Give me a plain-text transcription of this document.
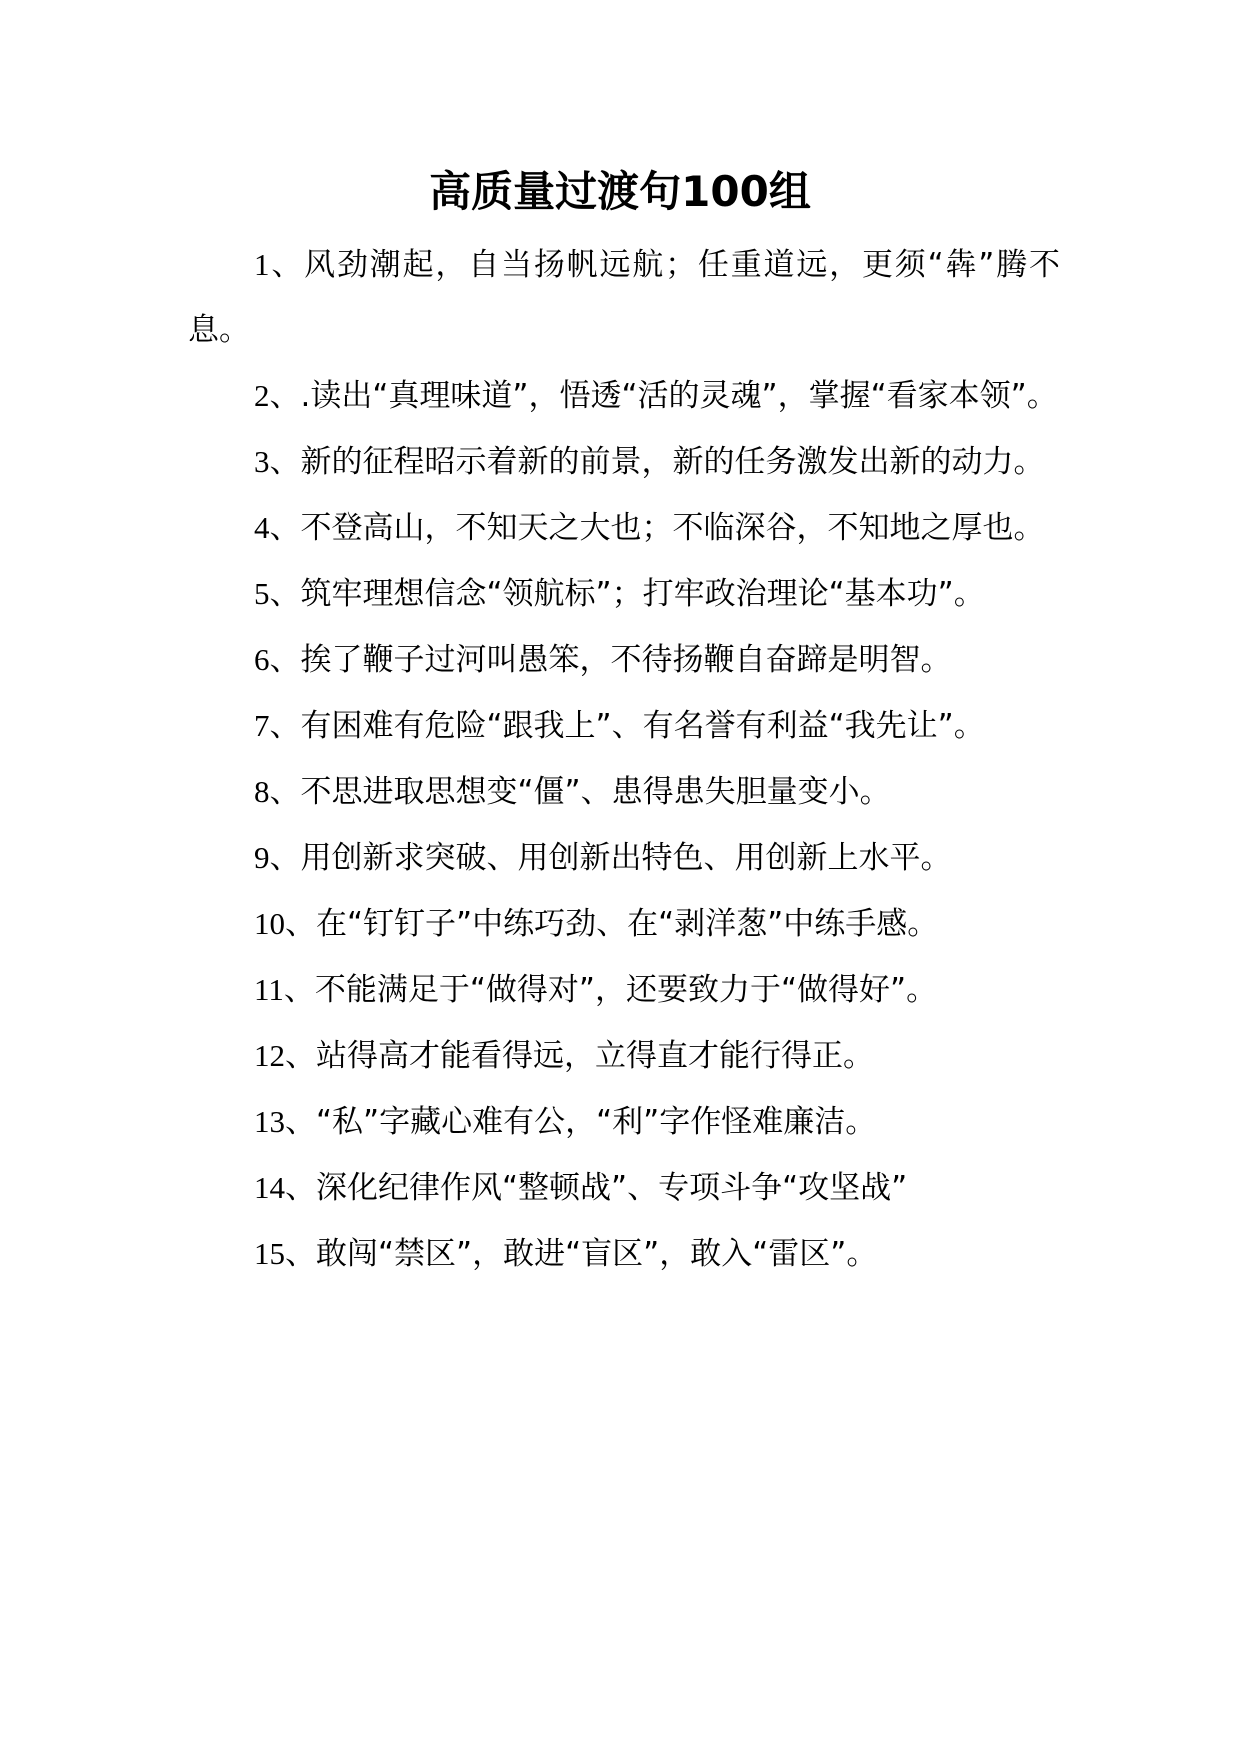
高质量过渡句100组

1、风劲潮起，自当扬帆远航；任重道远，更须“犇”腾不息。

2、.读出“真理味道”，悟透“活的灵魂”，掌握“看家本领”。

3、新的征程昭示着新的前景，新的任务激发出新的动力。

4、不登高山，不知天之大也；不临深谷，不知地之厚也。

5、筑牢理想信念“领航标”；打牢政治理论“基本功”。

6、挨了鞭子过河叫愚笨，不待扬鞭自奋蹄是明智。

7、有困难有危险“跟我上”、有名誉有利益“我先让”。

8、不思进取思想变“僵”、患得患失胆量变小。

9、用创新求突破、用创新出特色、用创新上水平。

10、在“钉钉子”中练巧劲、在“剥洋葱”中练手感。

11、不能满足于“做得对”，还要致力于“做得好”。

12、站得高才能看得远，立得直才能行得正。

13、“私”字藏心难有公，“利”字作怪难廉洁。

14、深化纪律作风“整顿战”、专项斗争“攻坚战”

15、敢闯“禁区”，敢进“盲区”，敢入“雷区”。
